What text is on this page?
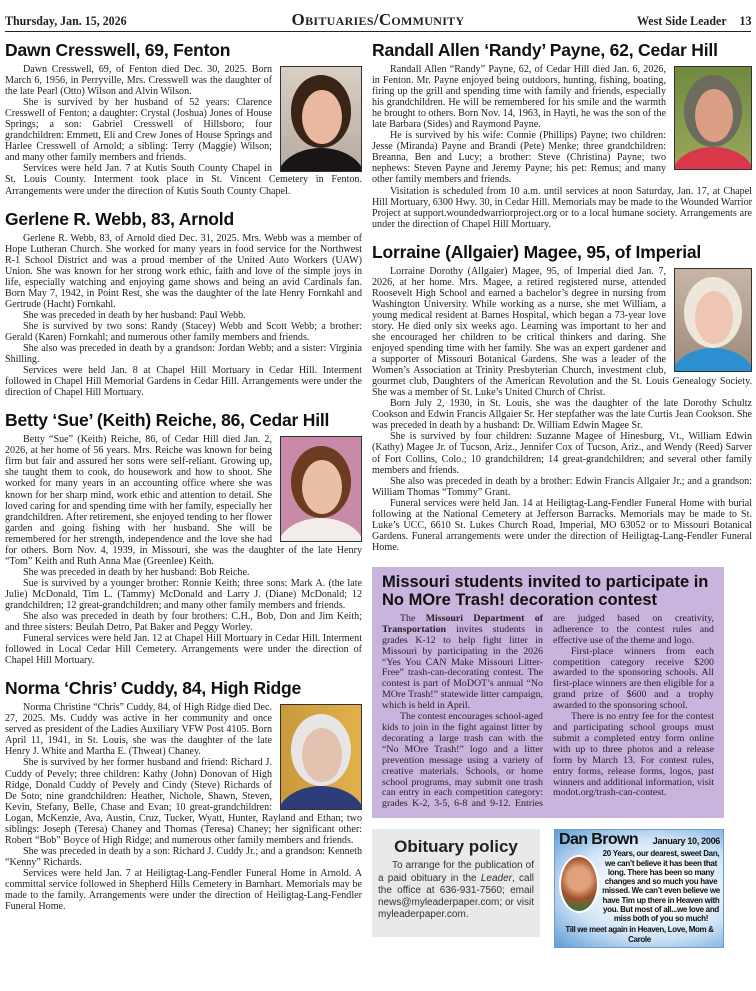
Thursday, Jan. 15, 2026	Obituaries/Community	West Side Leader 13
Dawn Cresswell, 69, Fenton

Dawn Cresswell, 69, of Fenton died Dec. 30, 2025. Born March 6, 1956, in Perryville, Mrs. Cresswell was the daughter of the late Pearl (Otto) Wilson and Alvin Wilson.

She is survived by her husband of 52 years: Clarence Cresswell of Fenton; a daughter: Crystal (Joshua) Jones of House Springs; a son: Gabriel Cresswell of Hillsboro; four grandchildren: Emmett, Eli and Crew Jones of House Springs and Harlee Cresswell of Arnold; a sibling: Terry (Maggie) Wilson; and many other family members and friends.

Services were held Jan. 7 at Kutis South County Chapel in St. Louis County. Interment took place in St. Vincent Cemetery in Fenton. Arrangements were under the direction of Kutis South County Chapel.

Gerlene R. Webb, 83, Arnold

Gerlene R. Webb, 83, of Arnold died Dec. 31, 2025. Mrs. Webb was a member of Hope Lutheran Church. She worked for many years in food service for the Northwest R-1 School District and was a proud member of the United Auto Workers (UAW) Union. She was known for her strong work ethic, faith and love of the simple joys in life, especially watching and enjoying game shows and being an avid Cardinals fan. Born May 7, 1942, in Point Rest, she was the daughter of the late Henry Fornkahl and Gertrude (Hacht) Fornkahl.

She was preceded in death by her husband: Paul Webb.

She is survived by two sons: Randy (Stacey) Webb and Scott Webb; a brother: Gerald (Karen) Fornkahl; and numerous other family members and friends.

She also was preceded in death by a grandson: Jordan Webb; and a sister: Virginia Shilling.

Services were held Jan. 8 at Chapel Hill Mortuary in Cedar Hill. Interment followed in Chapel Hill Memorial Gardens in Cedar Hill. Arrangements were under the direction of Chapel Hill Mortuary.

Betty ‘Sue’ (Keith) Reiche, 86, Cedar Hill

Betty “Sue” (Keith) Reiche, 86, of Cedar Hill died Jan. 2, 2026, at her home of 56 years. Mrs. Reiche was known for being firm but fair and assured her sons were self-reliant. Growing up, she taught them to cook, do housework and how to shoot. She worked for many years in an accounting office where she was known for her sharp mind, work ethic and attention to detail. She loved caring for and spending time with her family, especially her grandchildren. After retirement, she enjoyed tending to her flower garden and going fishing with her husband. She will be remembered for her strength, independence and the love she had for others. Born Nov. 4, 1939, in Missouri, she was the daughter of the late Henry “Tom” Keith and Ruth Anna Mae (Greenlee) Keith.

She was preceded in death by her husband: Bob Reiche.

Sue is survived by a younger brother: Ronnie Keith; three sons: Mark A. (the late Julie) McDonald, Tim L. (Tammy) McDonald and Larry J. (Diane) McDonald; 12 grandchildren; 12 great-grandchildren; and many other family members and friends.

She also was preceded in death by four brothers: C.H., Bob, Don and Jim Keith; and three sisters: Beulah Detro, Pat Baker and Peggy Worley.

Funeral services were held Jan. 12 at Chapel Hill Mortuary in Cedar Hill. Interment followed in Local Cedar Hill Cemetery. Arrangements were under the direction of Chapel Hill Mortuary.

Norma ‘Chris’ Cuddy, 84, High Ridge

Norma Christine “Chris” Cuddy, 84, of High Ridge died Dec. 27, 2025. Ms. Cuddy was active in her community and once served as president of the Ladies Auxiliary VFW Post 4105. Born April 11, 1941, in St. Louis, she was the daughter of the late Henry J. White and Martha E. (Thweat) Chaney.

She is survived by her former husband and friend: Richard J. Cuddy of Pevely; three children: Kathy (John) Donovan of High Ridge, Donald Cuddy of Pevely and Cindy (Steve) Richards of De Soto; nine grandchildren: Heather, Nichole, Shawn, Steven, Kevin, Stefany, Belle, Chase and Evan; 10 great-grandchildren: Logan, McKenzie, Ava, Austin, Cruz, Tucker, Wyatt, Hunter, Rayland and Ethan; two siblings: Joseph (Teresa) Chaney and Thomas (Teresa) Chaney; her significant other: Robert “Bob” Boyce of High Ridge; and numerous other family members and friends.

She was preceded in death by a son: Richard J. Cuddy Jr.; and a grandson: Kenneth “Kenny” Richards.

Services were held Jan. 7 at Heiligtag-Lang-Fendler Funeral Home in Arnold. A committal service followed in Shepherd Hills Cemetery in Barnhart. Memorials may be made to the family. Arrangements were under the direction of Heiligtag-Lang-Fendler Funeral Home.

Randall Allen ‘Randy’ Payne, 62, Cedar Hill

Randall Allen “Randy” Payne, 62, of Cedar Hill died Jan. 6, 2026, in Fenton. Mr. Payne enjoyed being outdoors, hunting, fishing, boating, firing up the grill and spending time with family and friends, especially his grandchildren. He will be remembered for his smile and the warmth he brought to others. Born Nov. 14, 1963, in Hayti, he was the son of the late Barbara (Sides) and Raymond Payne.

He is survived by his wife: Connie (Phillips) Payne; two children: Jesse (Miranda) Payne and Brandi (Pete) Menke; three grandchildren: Breanna, Ben and Lucy; a brother: Steve (Christina) Payne; two nephews: Steven Payne and Jeremy Payne; his pet: Remus; and many other family members and friends.

Visitation is scheduled from 10 a.m. until services at noon Saturday, Jan. 17, at Chapel Hill Mortuary, 6300 Hwy. 30, in Cedar Hill. Memorials may be made to the Wounded Warrior Project at support.woundedwarriorproject.org or to a local humane society. Arrangements are under the direction of Chapel Hill Mortuary.

Lorraine (Allgaier) Magee, 95, of Imperial

Lorraine Dorothy (Allgaier) Magee, 95, of Imperial died Jan. 7, 2026, at her home. Mrs. Magee, a retired registered nurse, attended Roosevelt High School and earned a bachelor’s degree in nursing from Washington University. While working as a nurse, she met William, a young medical resident at Barnes Hospital, which began a 73-year love story. He died only six weeks ago. Learning was important to her and she encouraged her children to be critical thinkers and daring. She enjoyed spending time with her family. She was an expert gardener and a supporter of Missouri Botanical Gardens. She was a leader of the Women’s Association at Trinity Presbyterian Church, investment club, gourmet club, Daughters of the American Revolution and the St. Louis Genealogy Society. She was a member of St. Luke’s United Church of Christ.

Born July 2, 1930, in St. Louis, she was the daughter of the late Dorothy Schultz Cookson and Edwin Francis Allgaier Sr. Her stepfather was the late Curtis Jean Cookson. She was preceded in death by a husband: Dr. William Edwin Magee Sr.

She is survived by four children: Suzanne Magee of Hinesburg, Vt., William Edwin (Kathy) Magee Jr. of Tucson, Ariz., Jennifer Cox of Tucson, Ariz., and Wendy (Reed) Sarver of Fort Collins, Colo.; 10 grandchildren; 14 great-grandchildren; and several other family members and friends.

She also was preceded in death by a brother: Edwin Francis Allgaier Jr.; and a grandson: William Thomas “Tommy” Grant.

Funeral services were held Jan. 14 at Heiligtag-Lang-Fendler Funeral Home with burial following at the National Cemetery at Jefferson Barracks. Memorials may be made to St. Luke’s UCC, 6610 St. Lukes Church Road, Imperial, MO 63052 or to Missouri Botanical Gardens. Funeral arrangements were under the direction of Heiligtag-Lang-Fendler Funeral Home.

Missouri students invited to participate in No MOre Trash! decoration contest

The Missouri Department of Transportation invites students in grades K-12 to help fight litter in Missouri by participating in the 2026 “Yes You CAN Make Missouri Litter-Free” trash-can-decorating contest. The contest is part of MoDOT’s annual “No MOre Trash!” statewide litter campaign, which is held in April.

The contest encourages school-aged kids to join in the fight against litter by decorating a large trash can with the “No MOre Trash!” logo and a litter prevention message using a variety of creative materials. Schools, or home school programs, may submit one trash can entry in each competition category: grades K-2, 3-5, 6-8 and 9-12. Entries are judged based on creativity, adherence to the contest rules and effective use of the theme and logo.

First-place winners from each competition category receive $200 awarded to the sponsoring schools. All first-place winners are then eligible for a grand prize of $600 and a trophy awarded to the sponsoring school.

There is no entry fee for the contest and participating school groups must submit a completed entry form online with up to three photos and a release form by March 13. For contest rules, entry forms, release forms, logos, past winners and additional information, visit modot.org/trash-can-contest.

Obituary policy

To arrange for the publication of a paid obituary in the Leader, call the office at 636-931-7560; email news@myleaderpaper.com; or visit myleaderpaper.com.

Dan Brown January 10, 2006
20 Years, our dearest, sweet Dan, we can’t believe it has been that long. There has been so many changes and so much you have missed. We can’t even believe we have Tim up there in Heaven with you. But most of all...we love and miss both of you so much!
Till we meet again in Heaven, Love, Mom & Carole
